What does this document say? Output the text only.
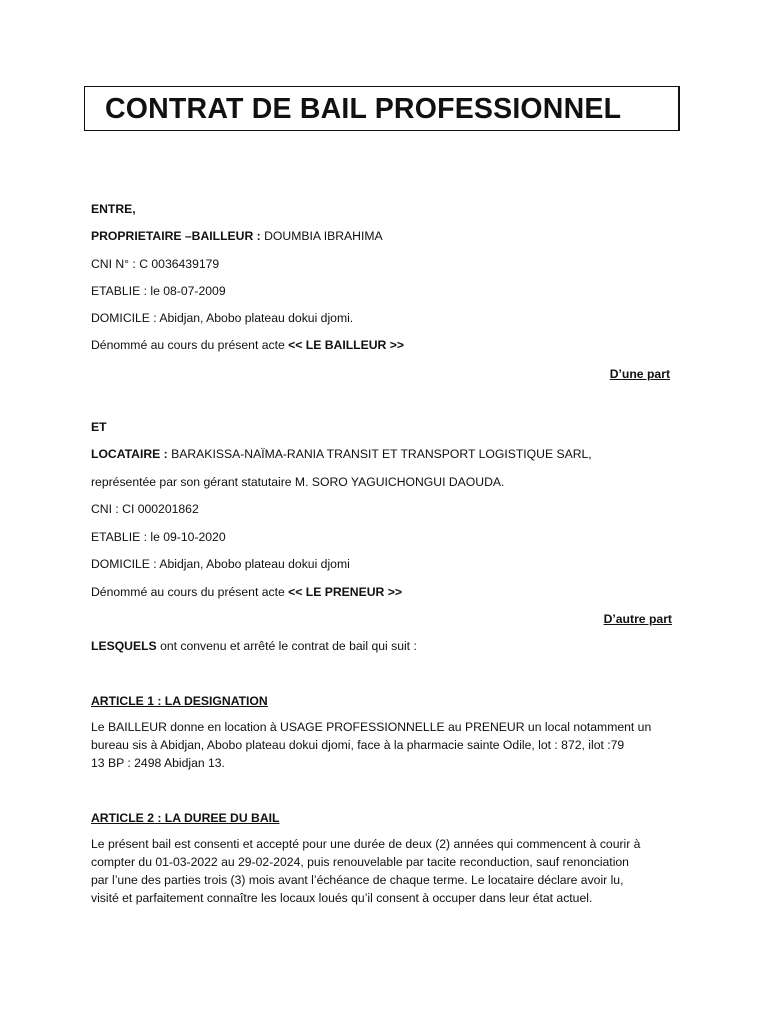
CONTRAT DE BAIL PROFESSIONNEL
ENTRE,
PROPRIETAIRE –BAILLEUR : DOUMBIA IBRAHIMA
CNI N° : C 0036439179
ETABLIE : le 08-07-2009
DOMICILE : Abidjan, Abobo plateau dokui djomi.
Dénommé au cours du présent acte << LE BAILLEUR >>
D’une part
ET
LOCATAIRE : BARAKISSA-NAÏMA-RANIA TRANSIT ET TRANSPORT LOGISTIQUE SARL,
représentée par son gérant statutaire M. SORO YAGUICHONGUI DAOUDA.
CNI : CI 000201862
ETABLIE : le 09-10-2020
DOMICILE : Abidjan, Abobo plateau dokui djomi
Dénommé au cours du présent acte << LE PRENEUR >>
D’autre part
LESQUELS ont convenu et arrêté le contrat de bail qui suit :
ARTICLE 1 : LA DESIGNATION
Le BAILLEUR donne en location à USAGE PROFESSIONNELLE au PRENEUR un local notamment un
bureau sis à Abidjan, Abobo plateau dokui djomi, face à la pharmacie sainte Odile, lot : 872, ilot :79
13 BP : 2498 Abidjan 13.
ARTICLE 2 : LA DUREE DU BAIL
Le présent bail est consenti et accepté pour une durée de deux (2) années qui commencent à courir à
compter du 01-03-2022 au 29-02-2024, puis renouvelable par tacite reconduction, sauf renonciation
par l’une des parties trois (3) mois avant l’échéance de chaque terme. Le locataire déclare avoir lu,
visité et parfaitement connaître les locaux loués qu’il consent à occuper dans leur état actuel.
